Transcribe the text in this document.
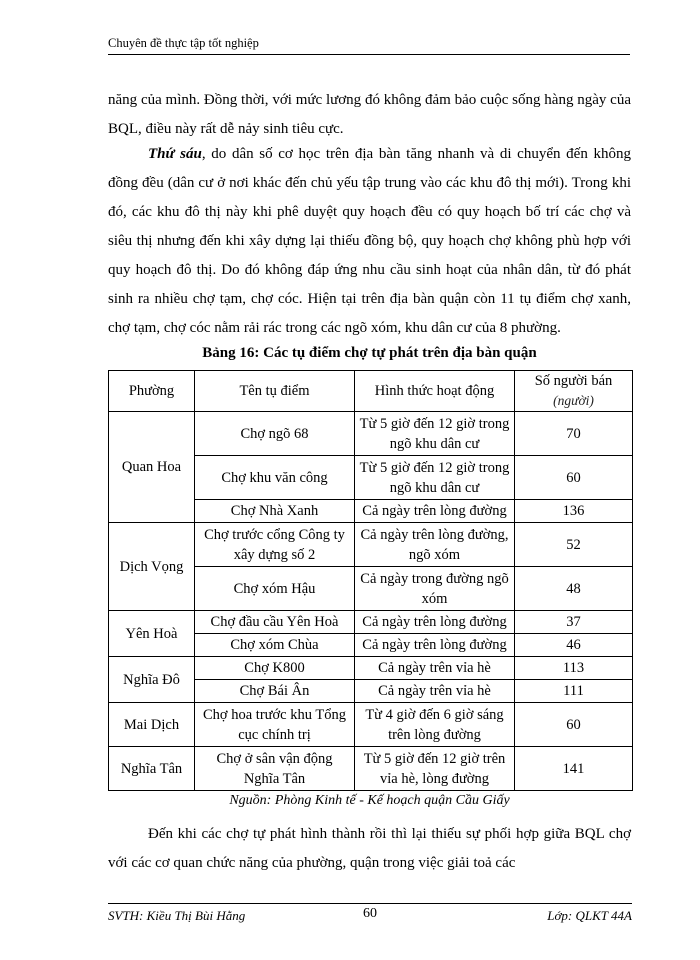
Chuyên đề thực tập tốt nghiệp

năng của mình. Đồng thời, với mức lương đó không đảm bảo cuộc sống hàng ngày của BQL, điều này rất dễ nảy sinh tiêu cực.

Thứ sáu, do dân số cơ học trên địa bàn tăng nhanh và di chuyển đến không đồng đều (dân cư ở nơi khác đến chủ yếu tập trung vào các khu đô thị mới). Trong khi đó, các khu đô thị này khi phê duyệt quy hoạch đều có quy hoạch bố trí các chợ và siêu thị nhưng đến khi xây dựng lại thiếu đồng bộ, quy hoạch chợ không phù hợp với quy hoạch đô thị. Do đó không đáp ứng nhu cầu sinh hoạt của nhân dân, từ đó phát sinh ra nhiều chợ tạm, chợ cóc. Hiện tại trên địa bàn quận còn 11 tụ điểm chợ xanh, chợ tạm, chợ cóc nằm rải rác trong các ngõ xóm, khu dân cư của 8 phường.

Bảng 16: Các tụ điểm chợ tự phát trên địa bàn quận
Phường	Tên tụ điểm	Hình thức hoạt động	Số người bán
(người)
Quan Hoa	Chợ ngõ 68	Từ 5 giờ đến 12 giờ trong ngõ khu dân cư	70
	Chợ khu văn công	Từ 5 giờ đến 12 giờ trong ngõ khu dân cư	60
	Chợ Nhà Xanh	Cả ngày trên lòng đường	136
Dịch Vọng	Chợ trước cổng Công ty xây dựng số 2	Cả ngày trên lòng đường, ngõ xóm	52
	Chợ xóm Hậu	Cả ngày trong đường ngõ xóm	48
Yên Hoà	Chợ đầu cầu Yên Hoà	Cả ngày trên lòng đường	37
	Chợ xóm Chùa	Cả ngày trên lòng đường	46
Nghĩa Đô	Chợ K800	Cả ngày trên vỉa hè	113
	Chợ Bái Ân	Cả ngày trên vỉa hè	111
Mai Dịch	Chợ hoa trước khu Tổng cục chính trị	Từ 4 giờ đến 6 giờ sáng trên lòng đường	60
Nghĩa Tân	Chợ ở sân vận động Nghĩa Tân	Từ 5 giờ đến 12 giờ trên vỉa hè, lòng đường	141
Nguồn: Phòng Kinh tế - Kế hoạch quận Cầu Giấy

Đến khi các chợ tự phát hình thành rồi thì lại thiếu sự phối hợp giữa BQL chợ với các cơ quan chức năng của phường, quận trong việc giải toả các

SVTH: Kiều Thị Bùi Hằng	60	Lớp: QLKT 44A
